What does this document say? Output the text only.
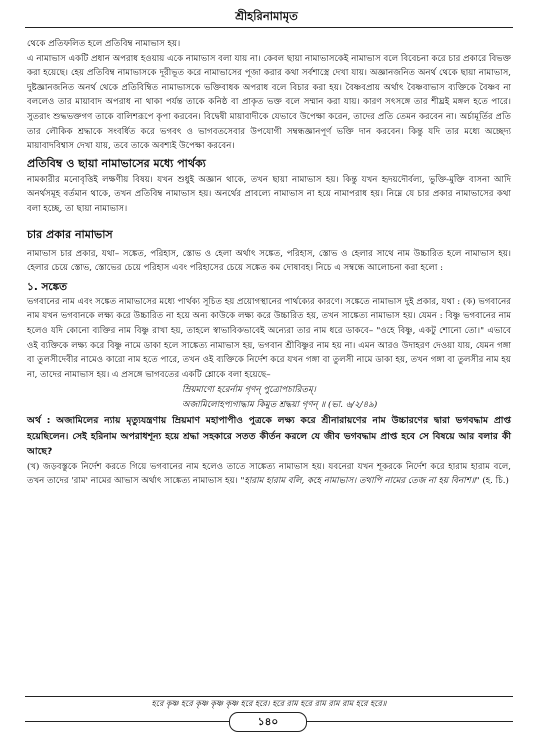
শ্রীহরিনামামৃত

থেকে প্রতিফলিত হলে প্রতিবিম্ব নামাভাস হয়।

এ নামাভাস একটি প্রধান অপরাধ হওয়ায় একে নামাভাস বলা যায় না। কেবল ছায়া নামাভাসকেই নামাভাস বলে বিবেচনা করে চার প্রকারে বিভক্ত করা হয়েছে। হেয় প্রতিবিম্ব নামাভাসকে দূরীভূত করে নামাভাসের পূজা করার কথা সর্বশাস্ত্রে দেখা যায়। অজ্ঞানজনিত অনর্থ থেকে ছায়া নামাভাস, দুষ্টজ্ঞানজনিত অনর্থ থেকে প্রতিবিম্বিত নামাভাসকে ভক্তিবাধক অপরাধ বলে বিচার করা হয়। বৈষ্ণবপ্রায় অর্থাৎ বৈষ্ণবাভাস ব্যক্তিকে বৈষ্ণব না বললেও তার মায়াবাদ অপরাধ না থাকা পর্যন্ত তাকে কনিষ্ঠ বা প্রাকৃত ভক্ত বলে সম্মান করা যায়। কারণ সৎসঙ্গে তার শীঘ্রই মঙ্গল হতে পারে। সুতরাং শুদ্ধভক্তগণ তাকে বালিশরূপে কৃপা করবেন। বিদ্বেষী মায়াবাদীকে যেভাবে উপেক্ষা করেন, তাদের প্রতি তেমন করবেন না। অর্চামূর্তির প্রতি তার লৌকিক শ্রদ্ধাকে সংবর্ধিত করে ভগবৎ ও ভাগবতসেবার উপযোগী সম্বন্ধজ্ঞানপূর্ণ ভক্তি দান করবেন। কিন্তু যদি তার মধ্যে অচ্ছেদ্য মায়াবাদবিশ্বাস দেখা যায়, তবে তাকে অবশ্যই উপেক্ষা করবেন।

প্রতিবিম্ব ও ছায়া নামাভাসের মধ্যে পার্থক্য

নামকারীর মনোবৃত্তিই লক্ষণীয় বিষয়। যখন শুধুই অজ্ঞান থাকে, তখন ছায়া নামাভাস হয়। কিন্তু যখন হৃদয়দৌর্বল্য, ভুক্তি-মুক্তি বাসনা আদি অনর্থসমূহ বর্তমান থাকে, তখন প্রতিবিম্ব নামাভাস হয়। অনর্থের প্রাবল্যে নামাভাস না হয়ে নামাপরাধ হয়। নিম্নে যে চার প্রকার নামাভাসের কথা বলা হচ্ছে, তা ছায়া নামাভাস।

চার প্রকার নামাভাস

নামাভাস চার প্রকার, যথা– সঙ্কেত, পরিহাস, স্তোভ ও হেলা অর্থাৎ সঙ্কেত, পরিহাস, স্তোভ ও হেলার সাথে নাম উচ্চারিত হলে নামাভাস হয়। হেলার চেয়ে স্তোভ, স্তোভের চেয়ে পরিহাস এবং পরিহাসের চেয়ে সঙ্কেত কম দোষাবহ। নিচে এ সম্বন্ধে আলোচনা করা হলো :

১. সঙ্কেত

ভগবানের নাম এবং সঙ্কেত নামাভাসের মধ্যে পার্থক্য সূচিত হয় প্রয়োগস্থানের পার্থক্যের কারণে। সঙ্কেতে নামাভাস দুই প্রকার, যথা : (ক) ভগবানের নাম যখন ভগবানকে লক্ষ্য করে উচ্চারিত না হয়ে অন্য কাউকে লক্ষ্য করে উচ্চারিত হয়, তখন সাঙ্কেত্য নামাভাস হয়। যেমন : বিষ্ণু ভগবানের নাম হলেও যদি কোনো ব্যক্তির নাম বিষ্ণু রাখা হয়, তাহলে স্বাভাবিকভাবেই অন্যেরা তার নাম ধরে ডাকবে– "ওহে বিষ্ণু, একটু শোনো তো।" এভাবে ওই ব্যক্তিকে লক্ষ্য করে বিষ্ণু নামে ডাকা হলে সাঙ্কেত্য নামাভাস হয়, ভগবান শ্রীবিষ্ণুর নাম হয় না। এমন আরও উদাহরণ দেওয়া যায়, যেমন গঙ্গা বা তুলসীদেবীর নামেও কারো নাম হতে পারে, তখন ওই ব্যক্তিকে নির্দেশ করে যখন গঙ্গা বা তুলসী নামে ডাকা হয়, তখন গঙ্গা বা তুলসীর নাম হয় না, তাদের নামাভাস হয়। এ প্রসঙ্গে ভাগবতের একটি শ্লোকে বলা হয়েছে–

ম্রিয়মাণো হরের্নাম গৃণন্ পুত্রোপচারিতম্।
অজামিলোহপ্যগাদ্ধাম কিমুত শ্রদ্ধয়া গৃণন্ ॥ (ভা. ৬/২/৪৯)

অর্থ : অজামিলের ন্যায় মৃত্যুযন্ত্রণায় ম্রিয়মাণ মহাপাপীও পুত্রকে লক্ষ্য করে শ্রীনারায়ণের নাম উচ্চারণের দ্বারা ভগবদ্ধাম প্রাপ্ত হয়েছিলেন। সেই হরিনাম অপরাধশূন্য হয়ে শ্রদ্ধা সহকারে সতত কীর্তন করলে যে জীব ভগবদ্ধাম প্রাপ্ত হবে সে বিষয়ে আর বলার কী আছে?

(খ) জড়বস্তুকে নির্দেশ করতে গিয়ে ভগবানের নাম হলেও তাতে সাঙ্কেত্য নামাভাস হয়। যবনেরা যখন শূকরকে নির্দেশ করে হারাম হারাম বলে, তখন তাদের 'রাম' নামের আভাস অর্থাৎ সাঙ্কেত্য নামাভাস হয়। "হারাম হারাম বলি, কহে নামাভাস। তথাপি নামের তেজ না হয় বিনাশ॥" (হ. চি.)

হরে কৃষ্ণ হরে কৃষ্ণ কৃষ্ণ কৃষ্ণ হরে হরে। হরে রাম হরে রাম রাম রাম হরে হরে॥
১৪০
